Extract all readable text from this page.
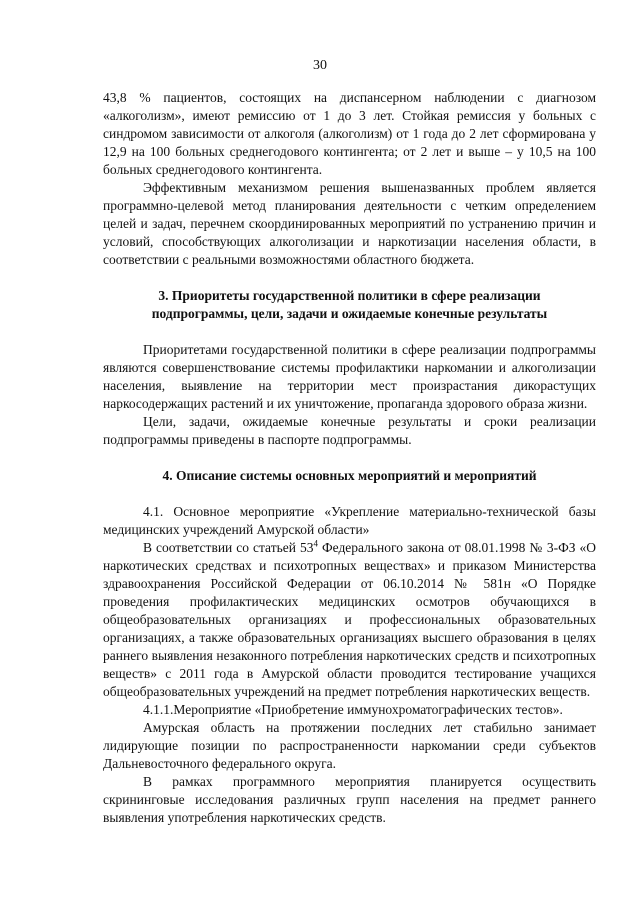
30

43,8 % пациентов, состоящих на диспансерном наблюдении с диагнозом «алкоголизм», имеют ремиссию от 1 до 3 лет. Стойкая ремиссия у больных с синдромом зависимости от алкоголя (алкоголизм) от 1 года до 2 лет сформирована у 12,9 на 100 больных среднегодового контингента; от 2 лет и выше – у 10,5 на 100 больных среднегодового контингента.

Эффективным механизмом решения вышеназванных проблем является программно-целевой метод планирования деятельности с четким определением целей и задач, перечнем скоординированных мероприятий по устранению причин и условий, способствующих алкоголизации и наркотизации населения области, в соответствии с реальными возможностями областного бюджета.

3. Приоритеты государственной политики в сфере реализации
подпрограммы, цели, задачи и ожидаемые конечные результаты

Приоритетами государственной политики в сфере реализации подпрограммы являются совершенствование системы профилактики наркомании и алкоголизации населения, выявление на территории мест произрастания дикорастущих наркосодержащих растений и их уничтожение, пропаганда здорового образа жизни.

Цели, задачи, ожидаемые конечные результаты и сроки реализации подпрограммы приведены в паспорте подпрограммы.

4. Описание системы основных мероприятий и мероприятий

4.1. Основное мероприятие «Укрепление материально-технической базы медицинских учреждений Амурской области»

В соответствии со статьей $53^4$ Федерального закона от 08.01.1998 № 3-ФЗ «О наркотических средствах и психотропных веществах» и приказом Министерства здравоохранения Российской Федерации от 06.10.2014 № 581н «О Порядке проведения профилактических медицинских осмотров обучающихся в общеобразовательных организациях и профессиональных образовательных организациях, а также образовательных организациях высшего образования в целях раннего выявления незаконного потребления наркотических средств и психотропных веществ» с 2011 года в Амурской области проводится тестирование учащихся общеобразовательных учреждений на предмет потребления наркотических веществ.

4.1.1.Мероприятие «Приобретение иммунохроматографических тестов».

Амурская область на протяжении последних лет стабильно занимает лидирующие позиции по распространенности наркомании среди субъектов Дальневосточного федерального округа.

В рамках программного мероприятия планируется осуществить скрининговые исследования различных групп населения на предмет раннего выявления употребления наркотических средств.
